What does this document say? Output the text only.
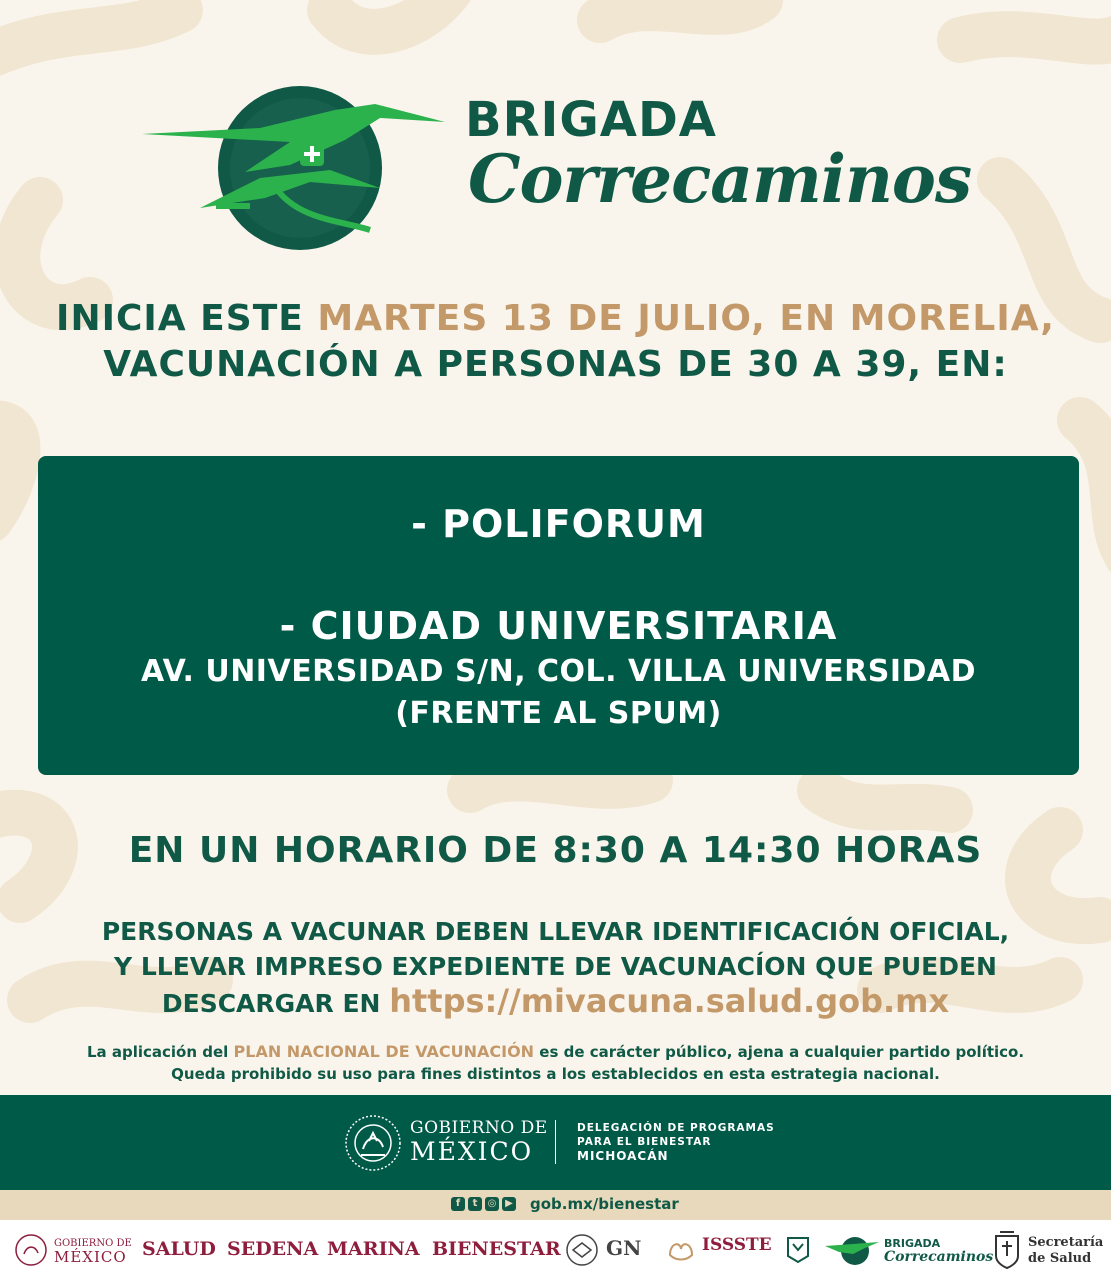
BRIGADA
Correcaminos
INICIA ESTE MARTES 13 DE JULIO, EN MORELIA, VACUNACIÓN A PERSONAS DE 30 A 39, EN:
- POLIFORUM
- CIUDAD UNIVERSITARIA
AV. UNIVERSIDAD S/N, COL. VILLA UNIVERSIDAD
(FRENTE AL SPUM)
EN UN HORARIO DE 8:30 A 14:30 HORAS
PERSONAS A VACUNAR DEBEN LLEVAR IDENTIFICACIÓN OFICIAL,
Y LLEVAR IMPRESO EXPEDIENTE DE VACUNACÍON QUE PUEDEN
DESCARGAR EN https://mivacuna.salud.gob.mx
La aplicación del PLAN NACIONAL DE VACUNACIÓN es de carácter público, ajena a cualquier partido político.
Queda prohibido su uso para fines distintos a los establecidos en esta estrategia nacional.
GOBIERNO DE
MÉXICO
DELEGACIÓN DE PROGRAMAS
PARA EL BIENESTAR
MICHOACÁN
f	t	◎ ▶ gob.mx/bienestar
GOBIERNO DE
MÉXICO SALUD SEDENA MARINA BIENESTAR GN	ISSSTE	BRIGADA
Correcaminos
Secretaría
de Salud
